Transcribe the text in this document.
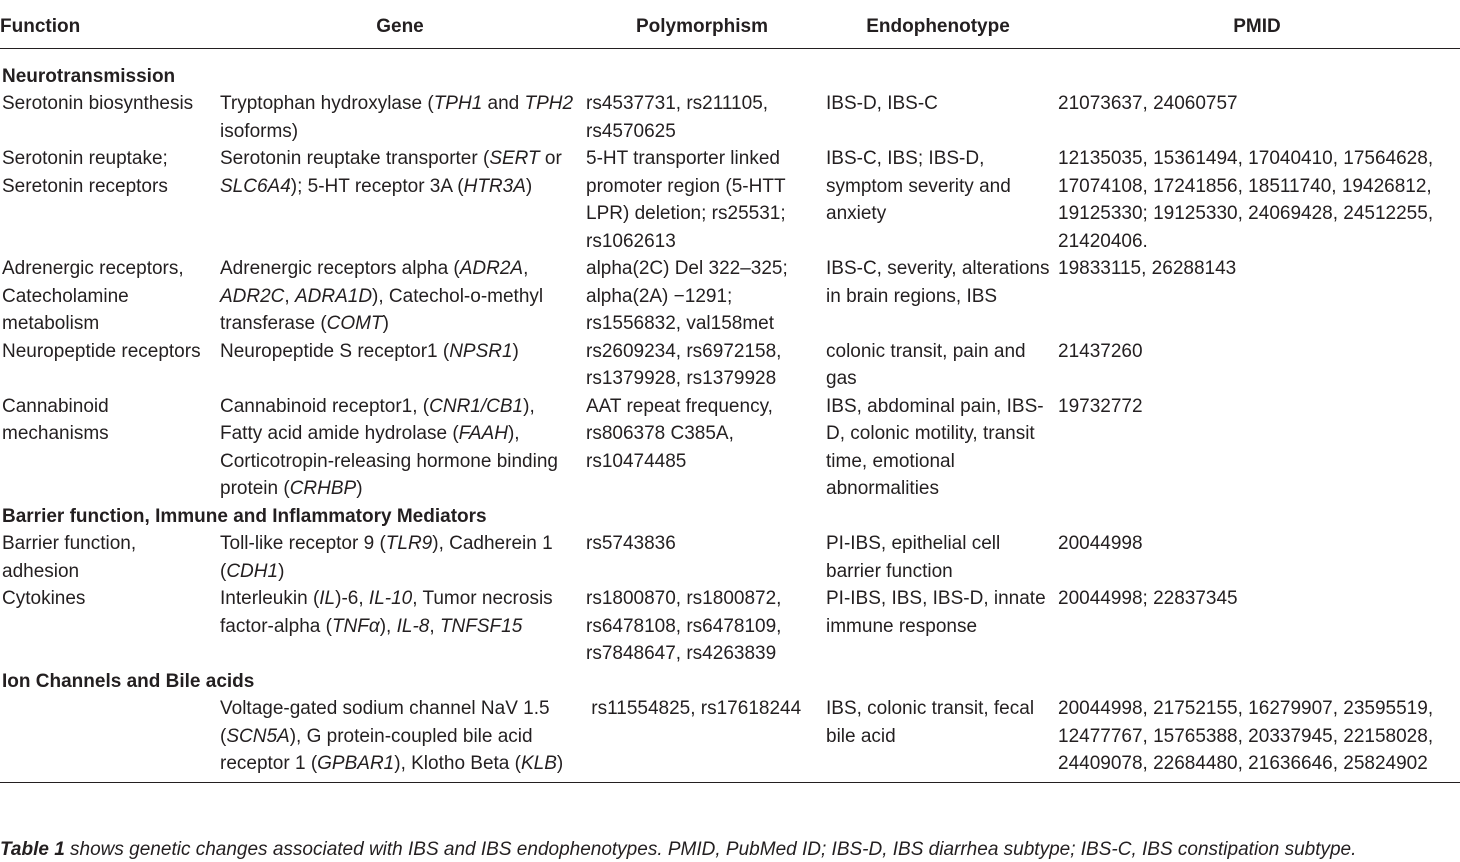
Function	Gene	Polymorphism	Endophenotype	PMID
Neurotransmission				
Serotonin biosynthesis	Tryptophan hydroxylase (TPH1 and TPH2 isoforms)	rs4537731, rs211105, rs4570625	IBS-D, IBS-C	21073637, 24060757
Serotonin reuptake; Seretonin receptors	Serotonin reuptake transporter (SERT or SLC6A4); 5-HT receptor 3A (HTR3A)	5-HT transporter linked promoter region (5-HTT LPR) deletion; rs25531; rs1062613	IBS-C, IBS; IBS-D, symptom severity and anxiety	12135035, 15361494, 17040410, 17564628, 17074108, 17241856, 18511740, 19426812, 19125330; 19125330, 24069428, 24512255, 21420406.
Adrenergic receptors, Catecholamine metabolism	Adrenergic receptors alpha (ADR2A, ADR2C, ADRA1D), Catechol-o-methyl transferase (COMT)	alpha(2C) Del 322–325; alpha(2A) −1291; rs1556832, val158met	IBS-C, severity, alterations in brain regions, IBS	19833115, 26288143
Neuropeptide receptors	Neuropeptide S receptor1 (NPSR1)	rs2609234, rs6972158, rs1379928, rs1379928	colonic transit, pain and gas	21437260
Cannabinoid mechanisms	Cannabinoid receptor1, (CNR1/CB1), Fatty acid amide hydrolase (FAAH), Corticotropin-releasing hormone binding protein (CRHBP)	AAT repeat frequency, rs806378 C385A, rs10474485	IBS, abdominal pain, IBS-D, colonic motility, transit time, emotional abnormalities	19732772
Barrier function, Immune and Inflammatory Mediators				
Barrier function, adhesion	Toll-like receptor 9 (TLR9), Cadherein 1 (CDH1)	rs5743836	PI-IBS, epithelial cell barrier function	20044998
Cytokines	Interleukin (IL)-6, IL-10, Tumor necrosis factor-alpha (TNFα), IL-8, TNFSF15	rs1800870, rs1800872, rs6478108, rs6478109, rs7848647, rs4263839	PI-IBS, IBS, IBS-D, innate immune response	20044998; 22837345
Ion Channels and Bile acids				
	Voltage-gated sodium channel NaV 1.5 (SCN5A), G protein-coupled bile acid receptor 1 (GPBAR1), Klotho Beta (KLB)	rs11554825, rs17618244	IBS, colonic transit, fecal bile acid	20044998, 21752155, 16279907, 23595519, 12477767, 15765388, 20337945, 22158028, 24409078, 22684480, 21636646, 25824902
Table 1 shows genetic changes associated with IBS and IBS endophenotypes. PMID, PubMed ID; IBS-D, IBS diarrhea subtype; IBS-C, IBS constipation subtype.
